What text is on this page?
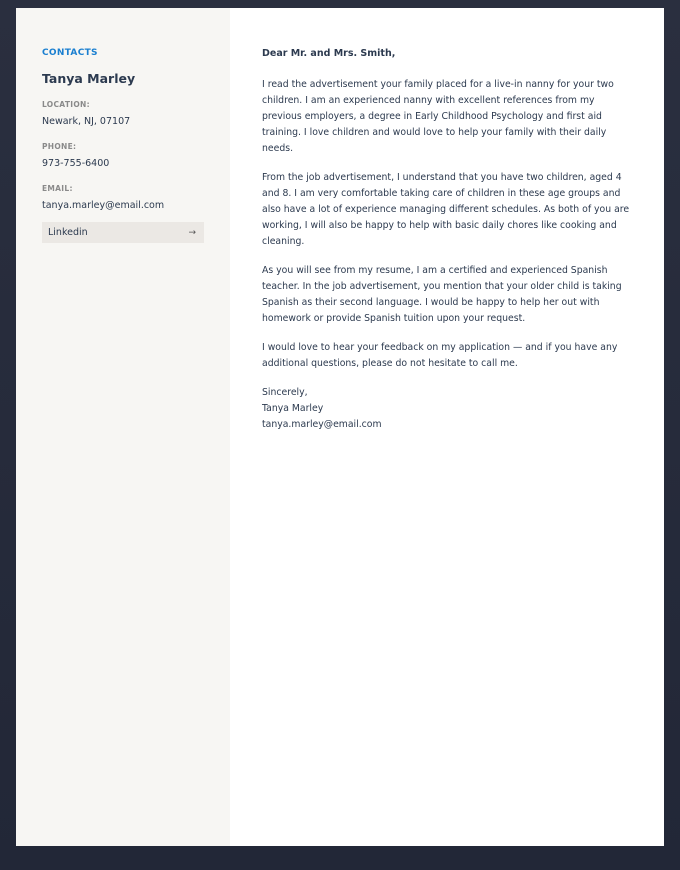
CONTACTS
Tanya Marley
LOCATION:
Newark, NJ, 07107
PHONE:
973-755-6400
EMAIL:
tanya.marley@email.com
Linkedin	→
Dear Mr. and Mrs. Smith,

I read the advertisement your family placed for a live-in nanny for your two children. I am an experienced nanny with excellent references from my previous employers, a degree in Early Childhood Psychology and first aid training. I love children and would love to help your family with their daily needs.

From the job advertisement, I understand that you have two children, aged 4 and 8. I am very comfortable taking care of children in these age groups and also have a lot of experience managing different schedules. As both of you are working, I will also be happy to help with basic daily chores like cooking and cleaning.

As you will see from my resume, I am a certified and experienced Spanish teacher. In the job advertisement, you mention that your older child is taking Spanish as their second language. I would be happy to help her out with homework or provide Spanish tuition upon your request.

I would love to hear your feedback on my application — and if you have any additional questions, please do not hesitate to call me.

Sincerely,
Tanya Marley
tanya.marley@email.com
